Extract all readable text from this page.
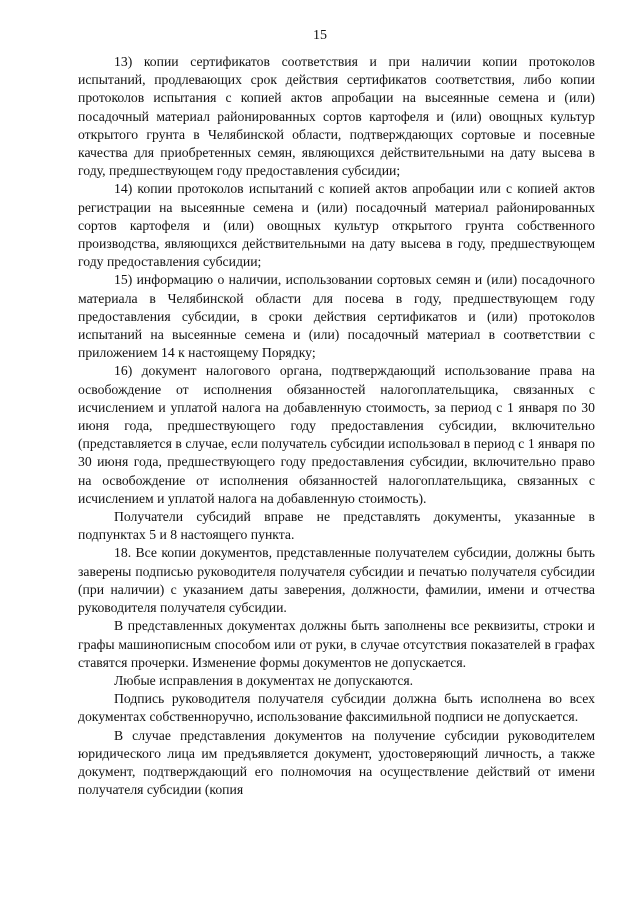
15

13) копии сертификатов соответствия и при наличии копии протоколов испытаний, продлевающих срок действия сертификатов соответствия, либо копии протоколов испытания с копией актов апробации на высеянные семена и (или) посадочный материал районированных сортов картофеля и (или) овощных культур открытого грунта в Челябинской области, подтверждающих сортовые и посевные качества для приобретенных семян, являющихся действительными на дату высева в году, предшествующем году предоставления субсидии;

14) копии протоколов испытаний с копией актов апробации или с копией актов регистрации на высеянные семена и (или) посадочный материал районированных сортов картофеля и (или) овощных культур открытого грунта собственного производства, являющихся действительными на дату высева в году, предшествующем году предоставления субсидии;

15) информацию о наличии, использовании сортовых семян и (или) посадочного материала в Челябинской области для посева в году, предшествующем году предоставления субсидии, в сроки действия сертификатов и (или) протоколов испытаний на высеянные семена и (или) посадочный материал в соответствии с приложением 14 к настоящему Порядку;

16) документ налогового органа, подтверждающий использование права на освобождение от исполнения обязанностей налогоплательщика, связанных с исчислением и уплатой налога на добавленную стоимость, за период с 1 января по 30 июня года, предшествующего году предоставления субсидии, включительно (представляется в случае, если получатель субсидии использовал в период с 1 января по 30 июня года, предшествующего году предоставления субсидии, включительно право на освобождение от исполнения обязанностей налогоплательщика, связанных с исчислением и уплатой налога на добавленную стоимость).

Получатели субсидий вправе не представлять документы, указанные в подпунктах 5 и 8 настоящего пункта.

18. Все копии документов, представленные получателем субсидии, должны быть заверены подписью руководителя получателя субсидии и печатью получателя субсидии (при наличии) с указанием даты заверения, должности, фамилии, имени и отчества руководителя получателя субсидии.

В представленных документах должны быть заполнены все реквизиты, строки и графы машинописным способом или от руки, в случае отсутствия показателей в графах ставятся прочерки. Изменение формы документов не допускается.

Любые исправления в документах не допускаются.

Подпись руководителя получателя субсидии должна быть исполнена во всех документах собственноручно, использование факсимильной подписи не допускается.

В случае представления документов на получение субсидии руководителем юридического лица им предъявляется документ, удостоверяющий личность, а также документ, подтверждающий его полномочия на осуществление действий от имени получателя субсидии (копия
